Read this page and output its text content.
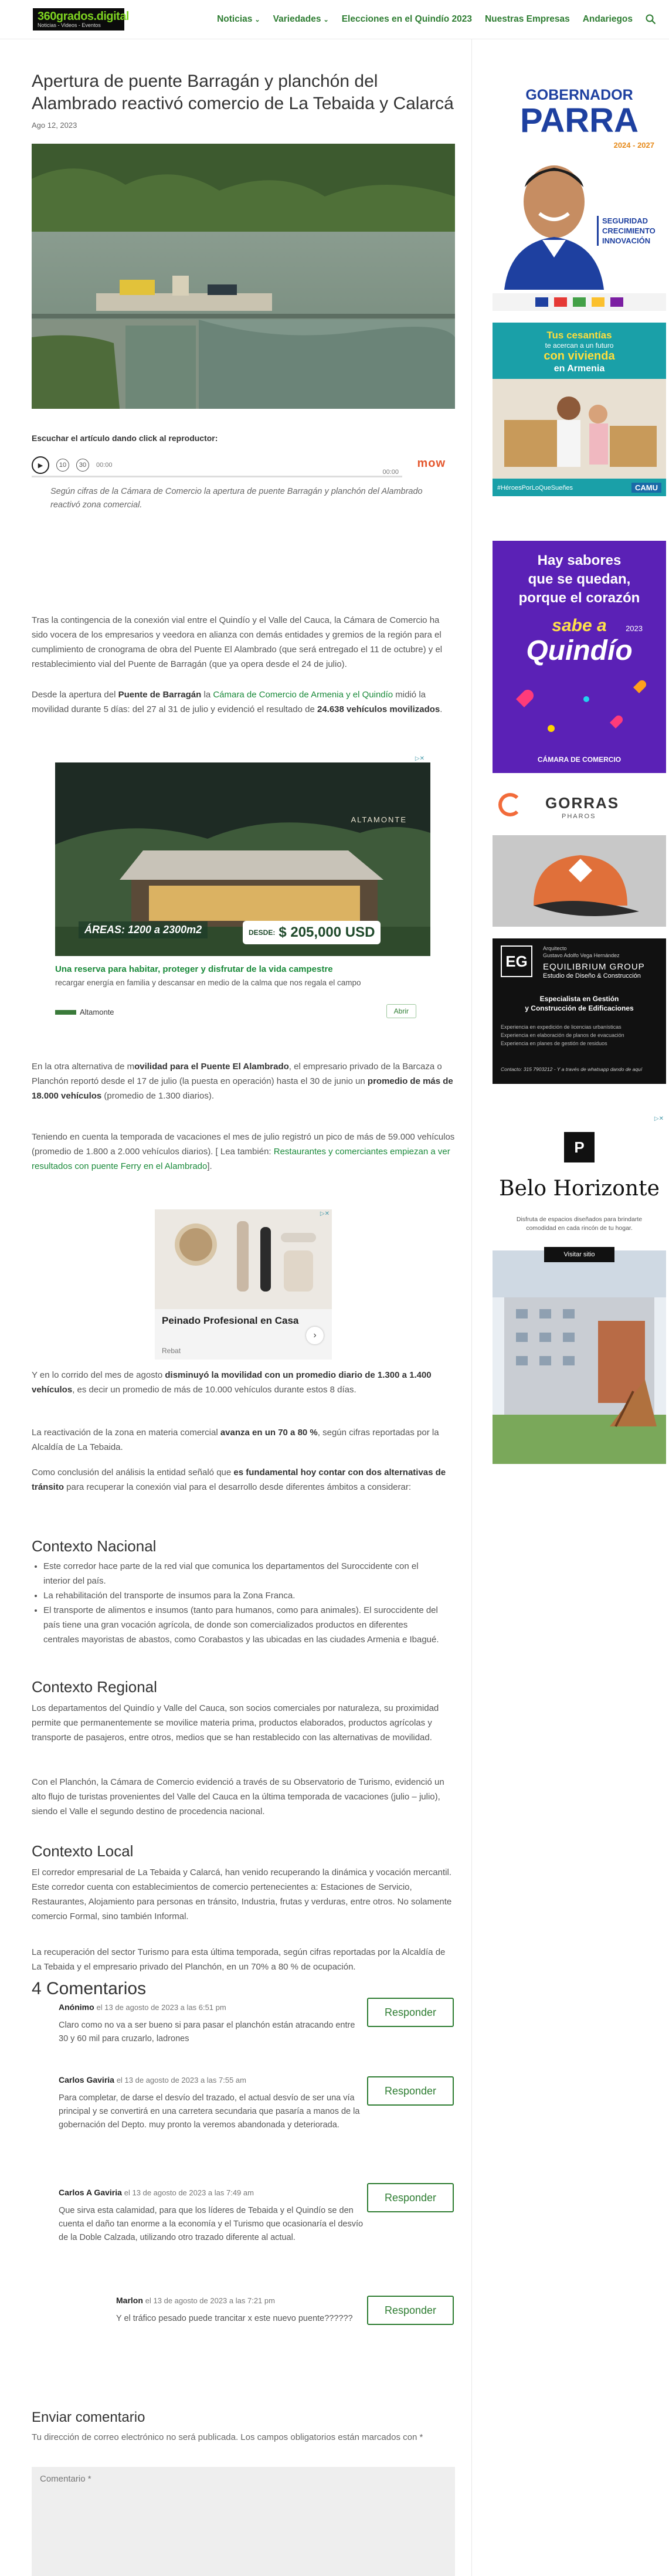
360grados.digital
Noticias - Videos - Eventos
Noticias ⌄ Variedades ⌄ Elecciones en el Quindío 2023 Nuestras Empresas Andariegos
Apertura de puente Barragán y planchón del Alambrado reactivó comercio de La Tebaida y Calarcá
Ago 12, 2023
Escuchar el artículo dando click al reproductor:
▶	10	30	00:00
00:00
mow
Según cifras de la Cámara de Comercio la apertura de puente Barragán y planchón del Alambrado reactivó zona comercial.

Tras la contingencia de la conexión vial entre el Quindío y el Valle del Cauca, la Cámara de Comercio ha sido vocera de los empresarios y veedora en alianza con demás entidades y gremios de la región para el cumplimiento de cronograma de obra del Puente El Alambrado (que será entregado el 11 de octubre) y el restablecimiento vial del Puente de Barragán (que ya opera desde el 24 de julio).

Desde la apertura del Puente de Barragán la Cámara de Comercio de Armenia y el Quindío midió la movilidad durante 5 días: del 27 al 31 de julio y evidenció el resultado de 24.638 vehículos movilizados.

▷✕
ÁREAS: 1200 a 2300m2	DESDE: $ 205,000 USD
ALTAMONTE
Una reserva para habitar, proteger y disfrutar de la vida campestre
recargar energía en familia y descansar en medio de la calma que nos regala el campo
Altamonte	Abrir

En la otra alternativa de movilidad para el Puente El Alambrado, el empresario privado de la Barcaza o Planchón reportó desde el 17 de julio (la puesta en operación) hasta el 30 de junio un promedio de más de 18.000 vehículos (promedio de 1.300 diarios).

Teniendo en cuenta la temporada de vacaciones el mes de julio registró un pico de más de 59.000 vehículos (promedio de 1.800 a 2.000 vehículos diarios). [ Lea también: Restaurantes y comerciantes empiezan a ver resultados con puente Ferry en el Alambrado].

▷✕
Peinado Profesional en Casa
Rebat
›

Y en lo corrido del mes de agosto disminuyó la movilidad con un promedio diario de 1.300 a 1.400 vehículos, es decir un promedio de más de 10.000 vehículos durante estos 8 días.

La reactivación de la zona en materia comercial avanza en un 70 a 80 %, según cifras reportadas por la Alcaldía de La Tebaida.

Como conclusión del análisis la entidad señaló que es fundamental hoy contar con dos alternativas de tránsito para recuperar la conexión vial para el desarrollo desde diferentes ámbitos a considerar:

Contexto Nacional
• Este corredor hace parte de la red vial que comunica los departamentos del Suroccidente con el interior del país.
• La rehabilitación del transporte de insumos para la Zona Franca.
• El transporte de alimentos e insumos (tanto para humanos, como para animales). El suroccidente del país tiene una gran vocación agrícola, de donde son comercializados productos en diferentes centrales mayoristas de abastos, como Corabastos y las ubicadas en las ciudades Armenia e Ibagué.
Contexto Regional

Los departamentos del Quindío y Valle del Cauca, son socios comerciales por naturaleza, su proximidad permite que permanentemente se movilice materia prima, productos elaborados, productos agrícolas y transporte de pasajeros, entre otros, medios que se han restablecido con las alternativas de movilidad.

Con el Planchón, la Cámara de Comercio evidenció a través de su Observatorio de Turismo, evidenció un alto flujo de turistas provenientes del Valle del Cauca en la última temporada de vacaciones (julio – julio), siendo el Valle el segundo destino de procedencia nacional.

Contexto Local

El corredor empresarial de La Tebaida y Calarcá, han venido recuperando la dinámica y vocación mercantil. Este corredor cuenta con establecimientos de comercio pertenecientes a: Estaciones de Servicio, Restaurantes, Alojamiento para personas en tránsito, Industria, frutas y verduras, entre otros. No solamente comercio Formal, sino también Informal.

La recuperación del sector Turismo para esta última temporada, según cifras reportadas por la Alcaldía de La Tebaida y el empresario privado del Planchón, en un 70% a 80 % de ocupación.

4 Comentarios
Anónimo el 13 de agosto de 2023 a las 6:51 pm
Claro como no va a ser bueno si para pasar el planchón están atracando entre 30 y 60 mil para cruzarlo, ladrones
Responder
Carlos Gaviria el 13 de agosto de 2023 a las 7:55 am
Para completar, de darse el desvío del trazado, el actual desvío de ser una vía principal y se convertirá en una carretera secundaria que pasaría a manos de la gobernación del Depto. muy pronto la veremos abandonada y deteriorada.
Responder
Carlos A Gaviria el 13 de agosto de 2023 a las 7:49 am
Que sirva esta calamidad, para que los líderes de Tebaida y el Quindío se den cuenta el daño tan enorme a la economía y el Turismo que ocasionaría el desvío de la Doble Calzada, utilizando otro trazado diferente al actual.
Responder
Marlon el 13 de agosto de 2023 a las 7:21 pm
Y el tráfico pesado puede trancitar x este nuevo puente??????
Responder
Enviar comentario
Tu dirección de correo electrónico no será publicada. Los campos obligatorios están marcados con *
Comentario *
GOBERNADOR
PARRA
2024 - 2027
SEGURIDAD
CRECIMIENTO
INNOVACIÓN
Tus cesantías
te acercan a un futuro
con vivienda
en Armenia
#HéroesPorLoQueSueñes	CAMU
Hay sabores
que se quedan,
porque el corazón
sabe a
Quindío
2023
CÁMARA DE COMERCIO
GORRAS
PHAROS
EG
Arquitecto
Gustavo Adolfo Vega Hernández
EQUILIBRIUM GROUP
Estudio de Diseño & Construcción
Especialista en Gestión
y Construcción de Edificaciones
Experiencia en expedición de licencias urbanísticas
Experiencia en elaboración de planos de evacuación
Experiencia en planes de gestión de residuos
Contacto: 315 7903212 - Y a través de whatsapp dando de aquí
▷✕
P
Belo Horizonte
Disfruta de espacios diseñados para brindarte comodidad en cada rincón de tu hogar.
Visitar sitio
